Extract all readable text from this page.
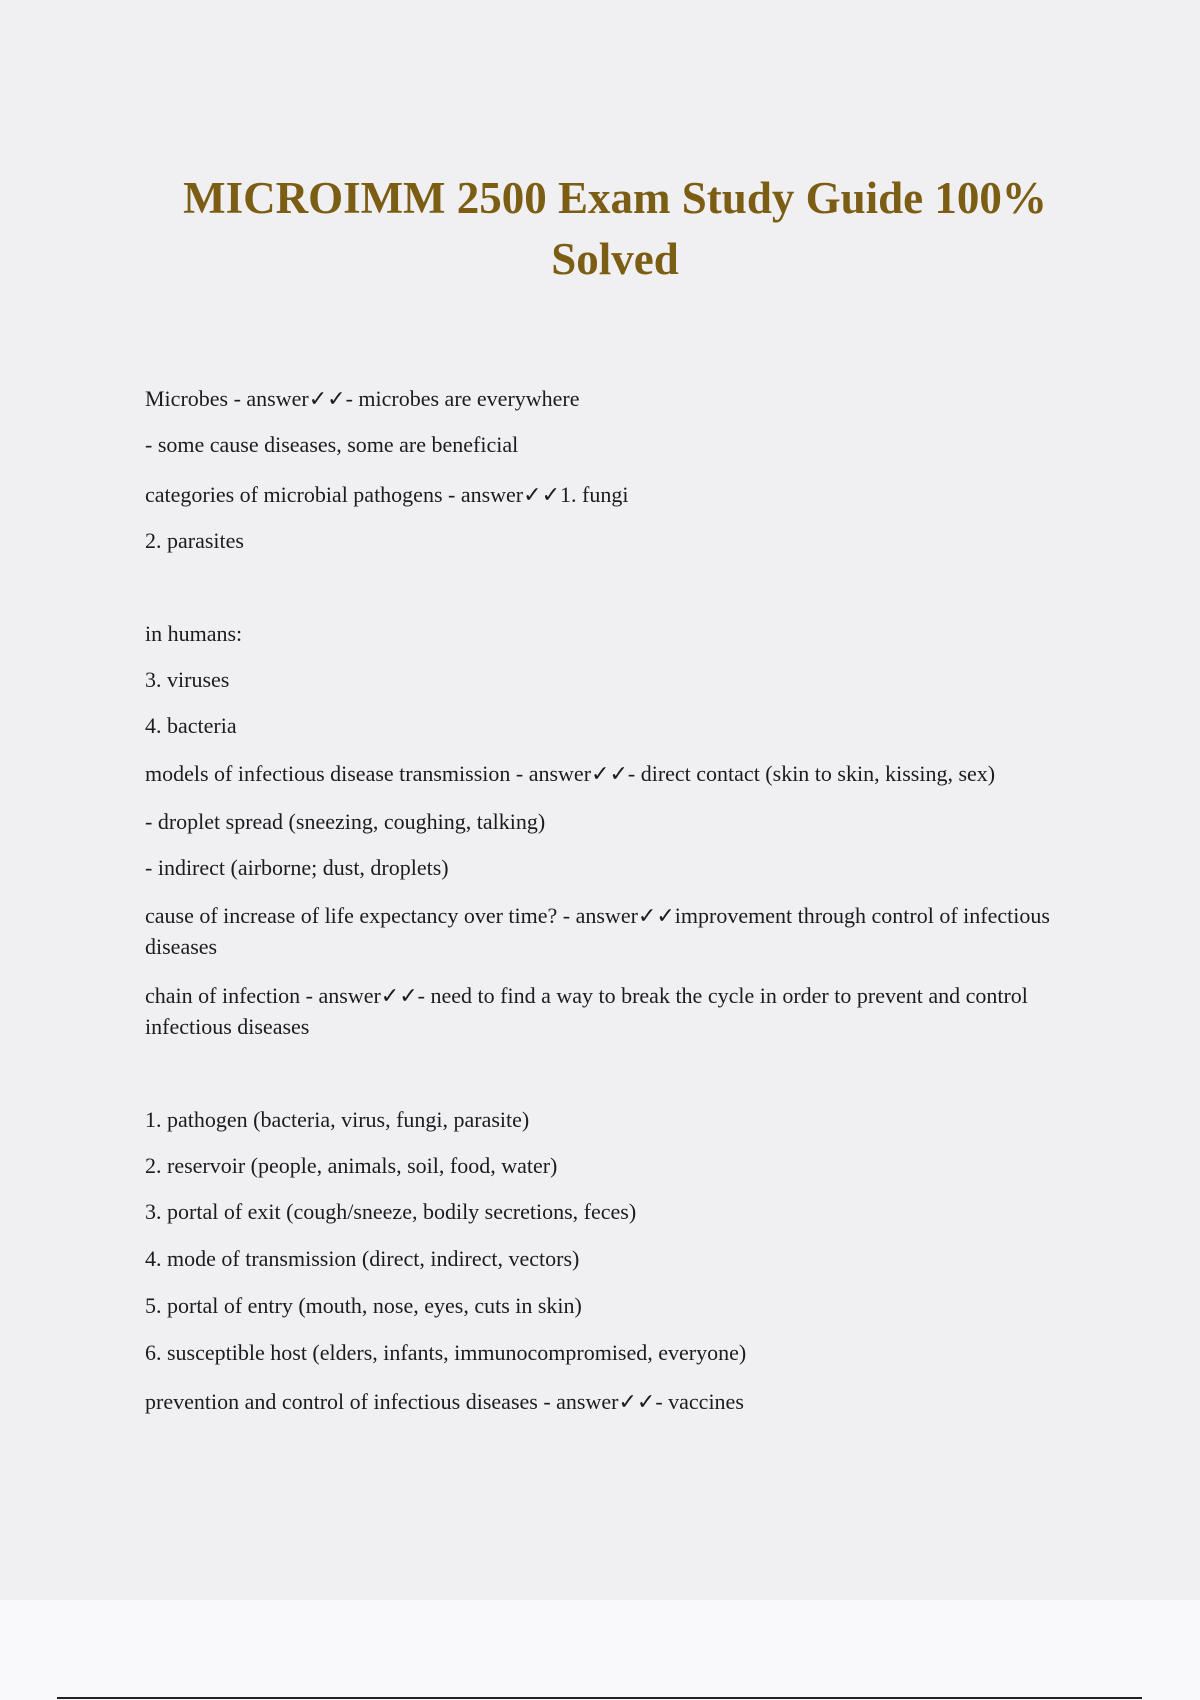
MICROIMM 2500 Exam Study Guide 100% Solved

Microbes - answer✓✓- microbes are everywhere

- some cause diseases, some are beneficial

categories of microbial pathogens - answer✓✓1. fungi

2. parasites

in humans:

3. viruses

4. bacteria

models of infectious disease transmission - answer✓✓- direct contact (skin to skin, kissing, sex)

- droplet spread (sneezing, coughing, talking)

- indirect (airborne; dust, droplets)

cause of increase of life expectancy over time? - answer✓✓improvement through control of infectious diseases

chain of infection - answer✓✓- need to find a way to break the cycle in order to prevent and control infectious diseases

1. pathogen (bacteria, virus, fungi, parasite)

2. reservoir (people, animals, soil, food, water)

3. portal of exit (cough/sneeze, bodily secretions, feces)

4. mode of transmission (direct, indirect, vectors)

5. portal of entry (mouth, nose, eyes, cuts in skin)

6. susceptible host (elders, infants, immunocompromised, everyone)

prevention and control of infectious diseases - answer✓✓- vaccines
